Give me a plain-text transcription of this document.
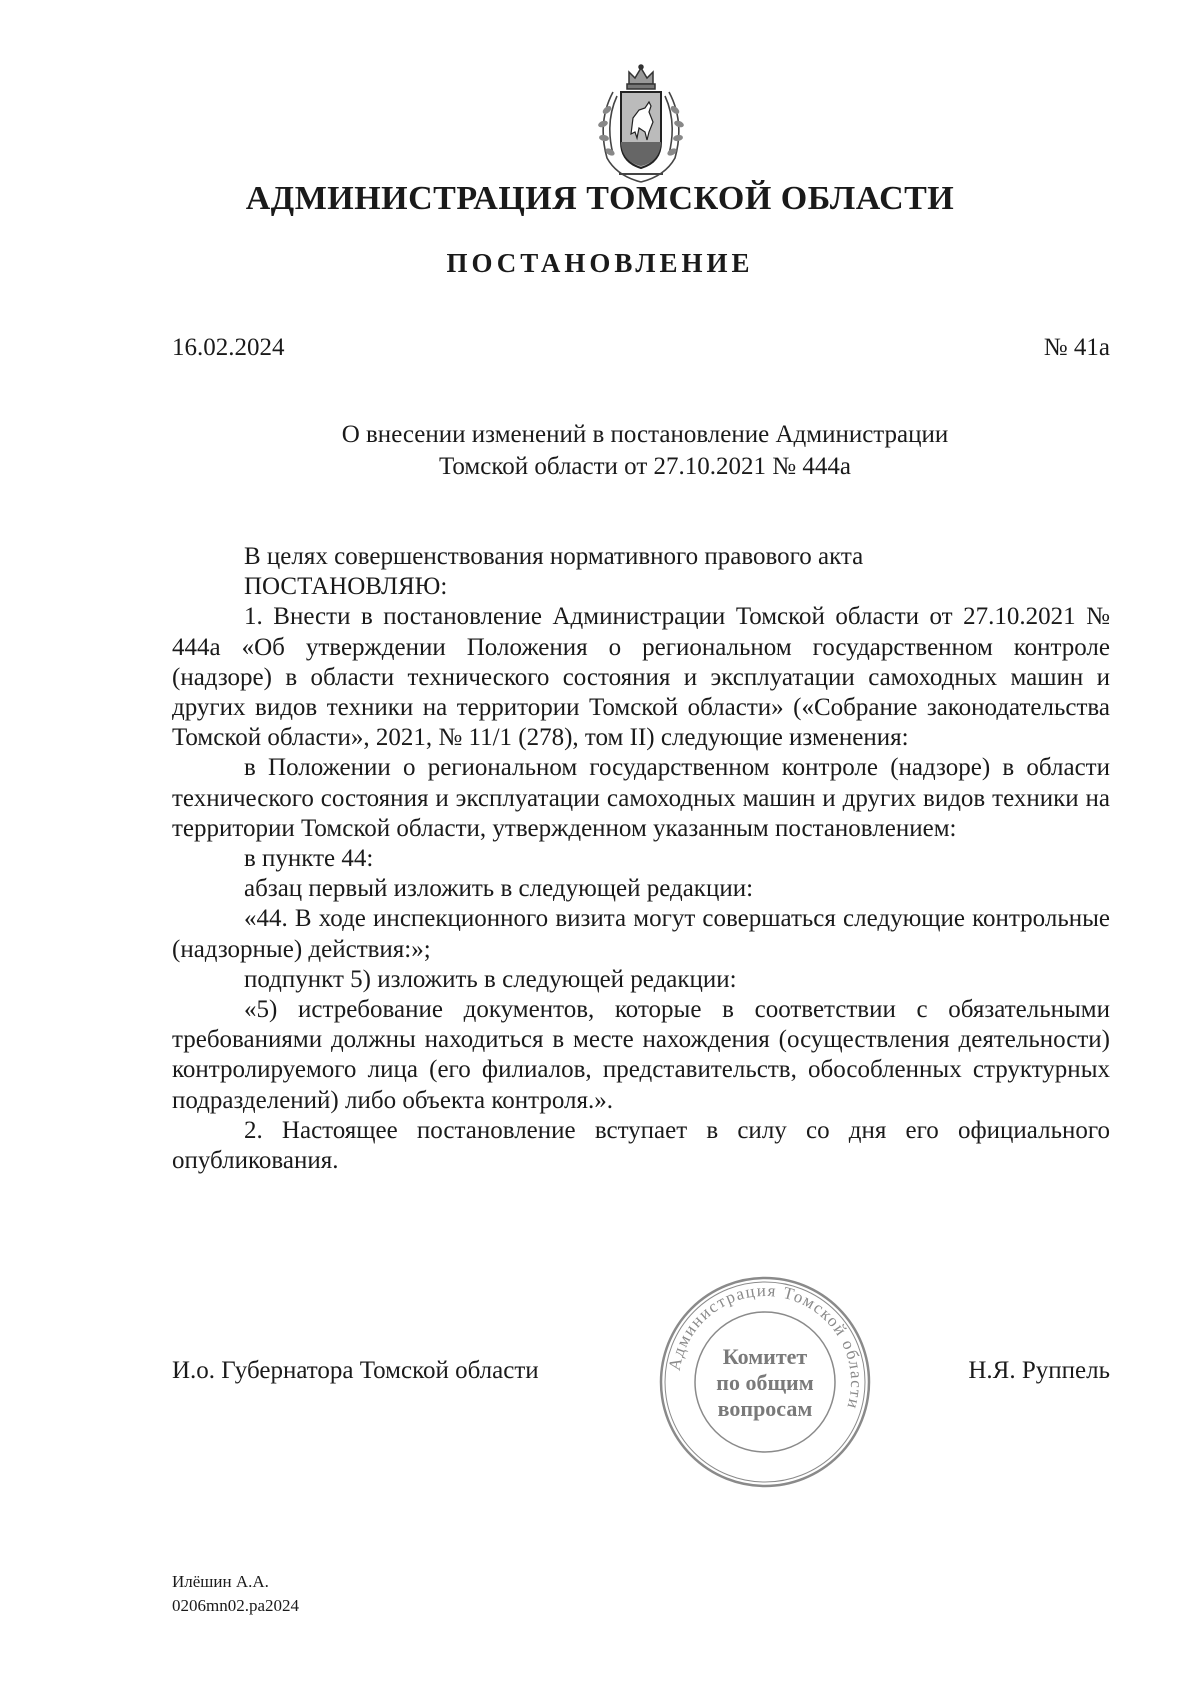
АДМИНИСТРАЦИЯ ТОМСКОЙ ОБЛАСТИ
ПОСТАНОВЛЕНИЕ
16.02.2024	№ 41а
О внесении изменений в постановление Администрации
Томской области от 27.10.2021 № 444а

В целях совершенствования нормативного правового акта

ПОСТАНОВЛЯЮ:

1. Внести в постановление Администрации Томской области от 27.10.2021 № 444а «Об утверждении Положения о региональном государственном контроле (надзоре) в области технического состояния и эксплуатации самоходных машин и других видов техники на территории Томской области» («Собрание законодательства Томской области», 2021, № 11/1 (278), том II) следующие изменения:

в Положении о региональном государственном контроле (надзоре) в области технического состояния и эксплуатации самоходных машин и других видов техники на территории Томской области, утвержденном указанным постановлением:

в пункте 44:

абзац первый изложить в следующей редакции:

«44. В ходе инспекционного визита могут совершаться следующие контрольные (надзорные) действия:»;

подпункт 5) изложить в следующей редакции:

«5) истребование документов, которые в соответствии с обязательными требованиями должны находиться в месте нахождения (осуществления деятельности) контролируемого лица (его филиалов, представительств, обособленных структурных подразделений) либо объекта контроля.».

2. Настоящее постановление вступает в силу со дня его официального опубликования.

И.о. Губернатора Томской области	Администрация Томской области
Комитет
по общим
вопросам
Н.Я. Руппель
Илёшин А.А.
0206mn02.pa2024
